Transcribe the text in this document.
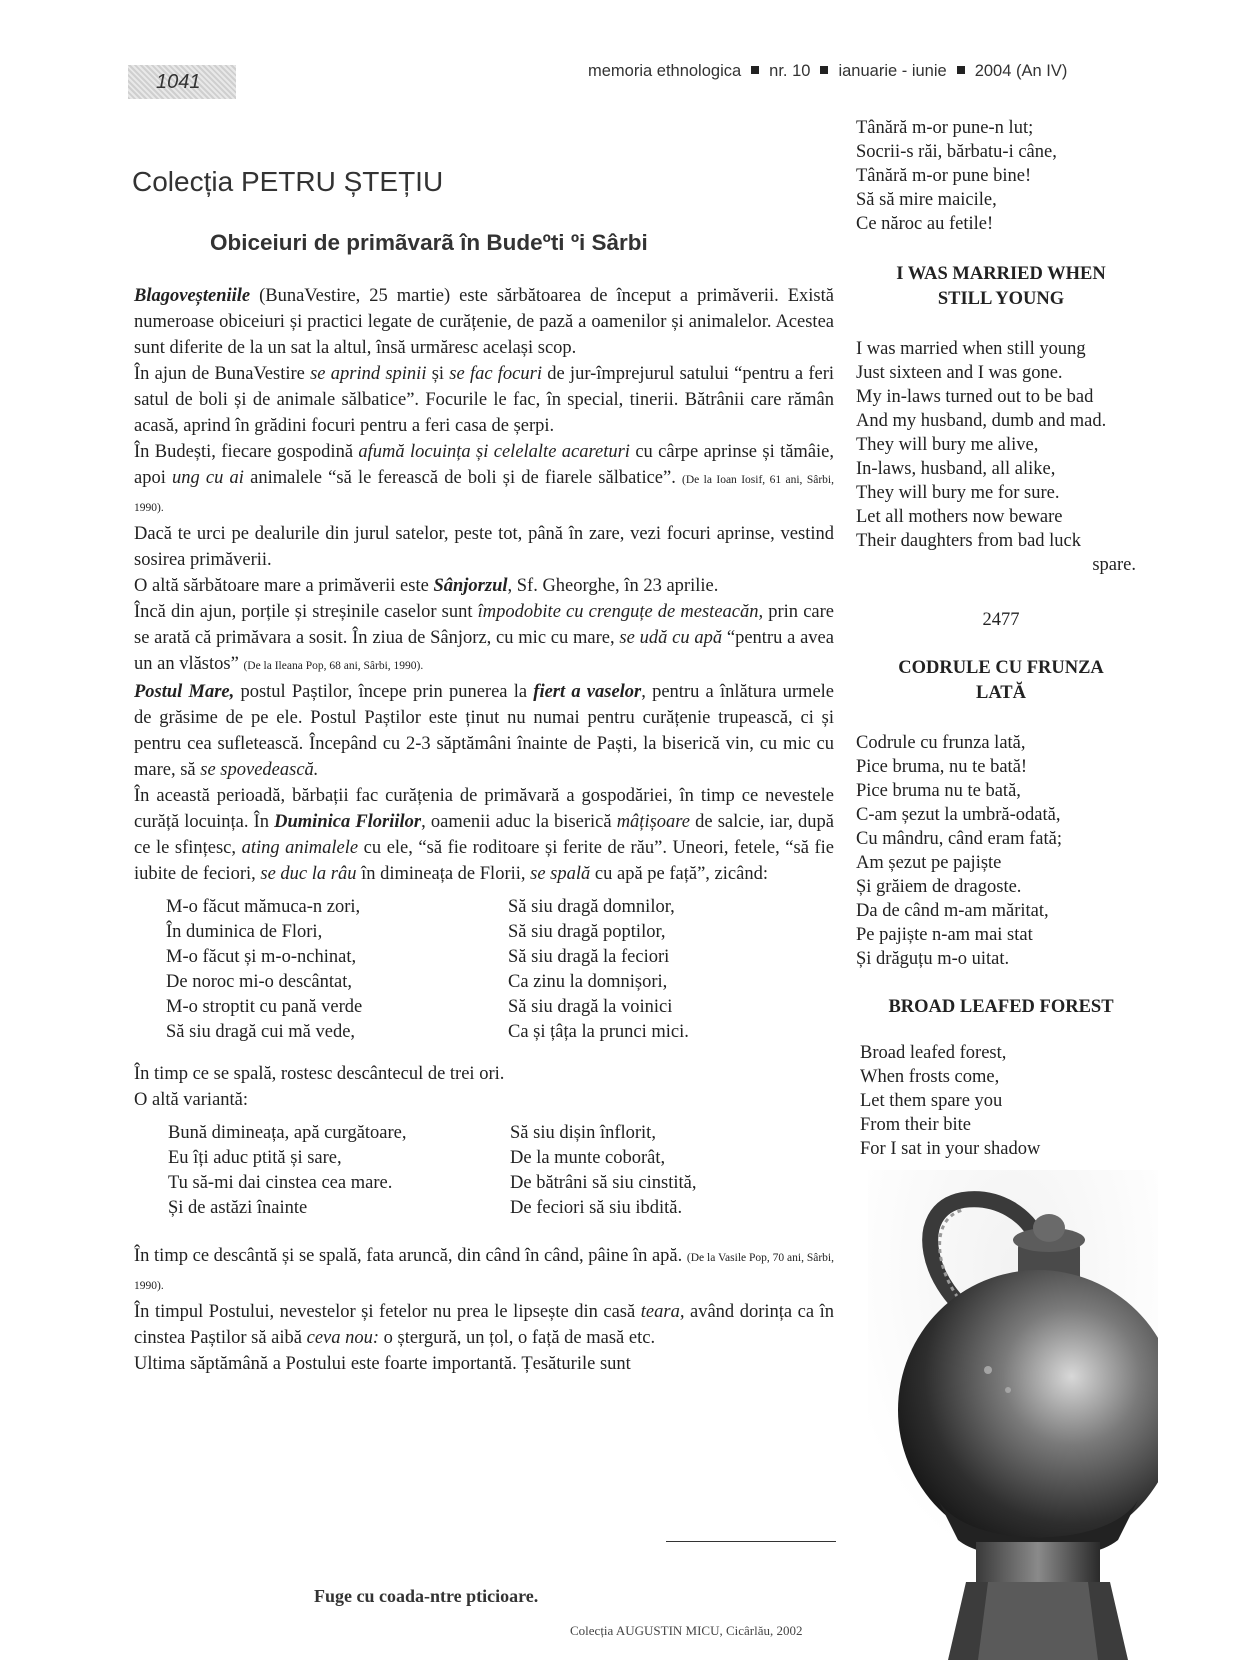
1041	memoria ethnologica nr. 10 ianuarie - iunie 2004 (An IV)
Colecția PETRU ȘTEȚIU
Obiceiuri de primãvarã în Budeºti ºi Sârbi

Blagoveșteniile (BunaVestire, 25 martie) este sărbătoarea de început a primăverii. Există numeroase obiceiuri și practici legate de curățenie, de pază a oamenilor și animalelor. Acestea sunt diferite de la un sat la altul, însă urmăresc același scop.

În ajun de BunaVestire se aprind spinii și se fac focuri de jur-împrejurul satului “pentru a feri satul de boli și de animale sălbatice”. Focurile le fac, în special, tinerii. Bătrânii care rămân acasă, aprind în grădini focuri pentru a feri casa de șerpi.

În Budești, fiecare gospodină afumă locuința și celelalte acareturi cu cârpe aprinse și tămâie, apoi ung cu ai animalele “să le ferească de boli și de fiarele sălbatice”. (De la Ioan Iosif, 61 ani, Sârbi, 1990).

Dacă te urci pe dealurile din jurul satelor, peste tot, până în zare, vezi focuri aprinse, vestind sosirea primăverii.

O altă sărbătoare mare a primăverii este Sânjorzul, Sf. Gheorghe, în 23 aprilie.

Încă din ajun, porțile și streșinile caselor sunt împodobite cu crenguțe de mesteacăn, prin care se arată că primăvara a sosit. În ziua de Sânjorz, cu mic cu mare, se udă cu apă “pentru a avea un an vlăstos” (De la Ileana Pop, 68 ani, Sârbi, 1990).

Postul Mare, postul Paștilor, începe prin punerea la fiert a vaselor, pentru a înlătura urmele de grăsime de pe ele. Postul Paștilor este ținut nu numai pentru curățenie trupească, ci și pentru cea sufletească. Începând cu 2-3 săptămâni înainte de Paști, la biserică vin, cu mic cu mare, să se spovedească.

În această perioadă, bărbații fac curățenia de primăvară a gospodăriei, în timp ce nevestele curăță locuința. În Duminica Floriilor, oamenii aduc la biserică mâțișoare de salcie, iar, după ce le sfințesc, ating animalele cu ele, “să fie roditoare și ferite de rău”. Uneori, fetele, “să fie iubite de feciori, se duc la râu în dimineața de Florii, se spală cu apă pe față”, zicând:

M-o făcut mămuca-n zori,
În duminica de Flori,
M-o făcut și m-o-nchinat,
De noroc mi-o descântat,
M-o stroptit cu pană verde
Să siu dragă cui mă vede,
Să siu dragă domnilor,
Să siu dragă poptilor,
Să siu dragă la feciori
Ca zinu la domnișori,
Să siu dragă la voinici
Ca și țâța la prunci mici.

În timp ce se spală, rostesc descântecul de trei ori.

O altă variantă:

Bună dimineața, apă curgătoare,
Eu îți aduc ptită și sare,
Tu să-mi dai cinstea cea mare.
Și de astăzi înainte
Să siu dișin înflorit,
De la munte coborât,
De bătrâni să siu cinstită,
De feciori să siu ibdită.

În timp ce descântă și se spală, fata aruncă, din când în când, pâine în apă. (De la Vasile Pop, 70 ani, Sârbi, 1990).

În timpul Postului, nevestelor și fetelor nu prea le lipsește din casă teara, având dorința ca în cinstea Paștilor să aibă ceva nou: o ștergură, un țol, o față de masă etc.

Ultima săptămână a Postului este foarte importantă. Țesăturile sunt

Fuge cu coada-ntre pticioare.
Colecția AUGUSTIN MICU, Cicârlău, 2002
Tânără m-or pune-n lut;
Socrii-s răi, bărbatu-i câne,
Tânără m-or pune bine!
Să să mire maicile,
Ce năroc au fetile!
I WAS MARRIED WHEN
STILL YOUNG
I was married when still young
Just sixteen and I was gone.
My in-laws turned out to be bad
And my husband, dumb and mad.
They will bury me alive,
In-laws, husband, all alike,
They will bury me for sure.
Let all mothers now beware
Their daughters from bad luck
spare.
2477
CODRULE CU FRUNZA
LATĂ
Codrule cu frunza lată,
Pice bruma, nu te bată!
Pice bruma nu te bată,
C-am șezut la umbră-odată,
Cu mândru, când eram fată;
Am șezut pe pajiște
Și grăiem de dragoste.
Da de când m-am măritat,
Pe pajiște n-am mai stat
Și drăguțu m-o uitat.
BROAD LEAFED FOREST
Broad leafed forest,
When frosts come,
Let them spare you
From their bite
For I sat in your shadow
